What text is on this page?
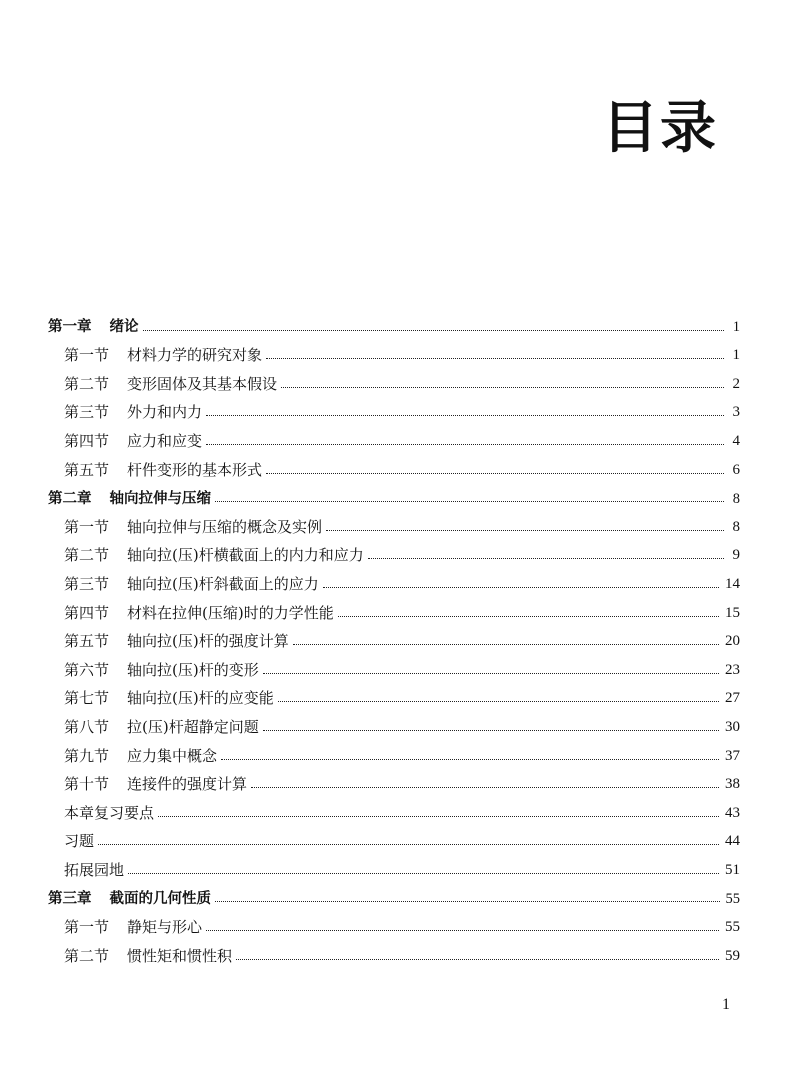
目录
第一章 绪论	1
第一节 材料力学的研究对象	1
第二节 变形固体及其基本假设	2
第三节 外力和内力	3
第四节 应力和应变	4
第五节 杆件变形的基本形式	6
第二章 轴向拉伸与压缩	8
第一节 轴向拉伸与压缩的概念及实例	8
第二节 轴向拉(压)杆横截面上的内力和应力	9
第三节 轴向拉(压)杆斜截面上的应力	14
第四节 材料在拉伸(压缩)时的力学性能	15
第五节 轴向拉(压)杆的强度计算	20
第六节 轴向拉(压)杆的变形	23
第七节 轴向拉(压)杆的应变能	27
第八节 拉(压)杆超静定问题	30
第九节 应力集中概念	37
第十节 连接件的强度计算	38
本章复习要点	43
习题	44
拓展园地	51
第三章 截面的几何性质	55
第一节 静矩与形心	55
第二节 惯性矩和惯性积	59
1
